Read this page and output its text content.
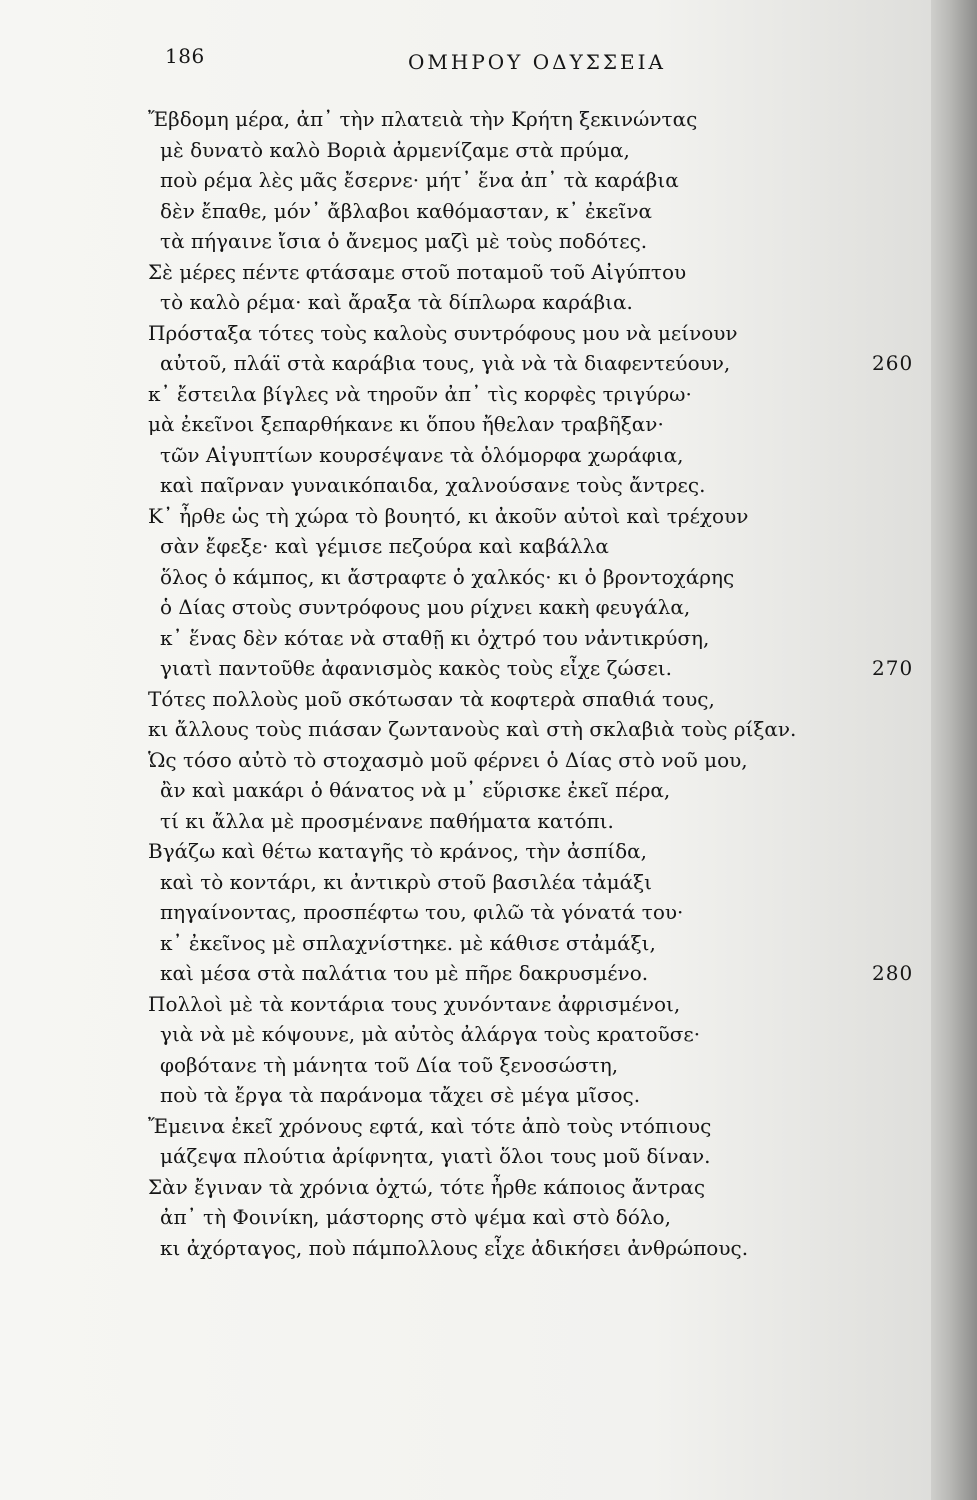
186	ΟΜΗΡΟΥ ΟΔΥΣΣΕΙΑ
Ἔβδομη μέρα, ἀπ᾿ τὴν πλατειὰ τὴν Κρήτη ξεκινώντας
μὲ δυνατὸ καλὸ Βοριὰ ἀρμενίζαμε στὰ πρύμα,
ποὺ ρέμα λὲς μᾶς ἔσερνε· μήτ᾿ ἕνα ἀπ᾿ τὰ καράβια
δὲν ἔπαθε, μόν᾿ ἄβλαβοι καθόμασταν, κ᾿ ἐκεῖνα
τὰ πήγαινε ἴσια ὁ ἄνεμος μαζὶ μὲ τοὺς ποδότες.
Σὲ μέρες πέντε φτάσαμε στοῦ ποταμοῦ τοῦ Αἰγύπτου
τὸ καλὸ ρέμα· καὶ ἄραξα τὰ δίπλωρα καράβια.
Πρόσταξα τότες τοὺς καλοὺς συντρόφους μου νὰ μείνουν
αὐτοῦ, πλάϊ στὰ καράβια τους, γιὰ νὰ τὰ διαφεντεύουν,	260
κ᾿ ἔστειλα βίγλες νὰ τηροῦν ἀπ᾿ τὶς κορφὲς τριγύρω·
μὰ ἐκεῖνοι ξεπαρθήκανε κι ὅπου ἤθελαν τραβῆξαν·
τῶν Αἰγυπτίων κουρσέψανε τὰ ὁλόμορφα χωράφια,
καὶ παῖρναν γυναικόπαιδα, χαλνούσανε τοὺς ἄντρες.
Κ᾿ ἦρθε ὡς τὴ χώρα τὸ βουητό, κι ἀκοῦν αὐτοὶ καὶ τρέχουν
σὰν ἔφεξε· καὶ γέμισε πεζούρα καὶ καβάλλα
ὅλος ὁ κάμπος, κι ἄστραφτε ὁ χαλκός· κι ὁ βροντοχάρης
ὁ Δίας στοὺς συντρόφους μου ρίχνει κακὴ φευγάλα,
κ᾿ ἕνας δὲν κόταε νὰ σταθῇ κι ὀχτρό του νἀντικρύση,
γιατὶ παντοῦθε ἀφανισμὸς κακὸς τοὺς εἶχε ζώσει.	270
Τότες πολλοὺς μοῦ σκότωσαν τὰ κοφτερὰ σπαθιά τους,
κι ἄλλους τοὺς πιάσαν ζωντανοὺς καὶ στὴ σκλαβιὰ τοὺς ρίξαν.
Ὡς τόσο αὐτὸ τὸ στοχασμὸ μοῦ φέρνει ὁ Δίας στὸ νοῦ μου,
ἂν καὶ μακάρι ὁ θάνατος νὰ μ᾿ εὕρισκε ἐκεῖ πέρα,
τί κι ἄλλα μὲ προσμένανε παθήματα κατόπι.
Βγάζω καὶ θέτω καταγῆς τὸ κράνος, τὴν ἀσπίδα,
καὶ τὸ κοντάρι, κι ἀντικρὺ στοῦ βασιλέα τἀμάξι
πηγαίνοντας, προσπέφτω του, φιλῶ τὰ γόνατά του·
κ᾿ ἐκεῖνος μὲ σπλαχνίστηκε. μὲ κάθισε στἀμάξι,
καὶ μέσα στὰ παλάτια του μὲ πῆρε δακρυσμένο.	280
Πολλοὶ μὲ τὰ κοντάρια τους χυνόντανε ἀφρισμένοι,
γιὰ νὰ μὲ κόψουνε, μὰ αὐτὸς ἀλάργα τοὺς κρατοῦσε·
φοβότανε τὴ μάνητα τοῦ Δία τοῦ ξενοσώστη,
ποὺ τὰ ἔργα τὰ παράνομα τἄχει σὲ μέγα μῖσος.
Ἔμεινα ἐκεῖ χρόνους εφτά, καὶ τότε ἀπὸ τοὺς ντόπιους
μάζεψα πλούτια ἀρίφνητα, γιατὶ ὅλοι τους μοῦ δίναν.
Σὰν ἔγιναν τὰ χρόνια ὀχτώ, τότε ἦρθε κάποιος ἄντρας
ἀπ᾿ τὴ Φοινίκη, μάστορης στὸ ψέμα καὶ στὸ δόλο,
κι ἀχόρταγος, ποὺ πάμπολλους εἶχε ἀδικήσει ἀνθρώπους.
